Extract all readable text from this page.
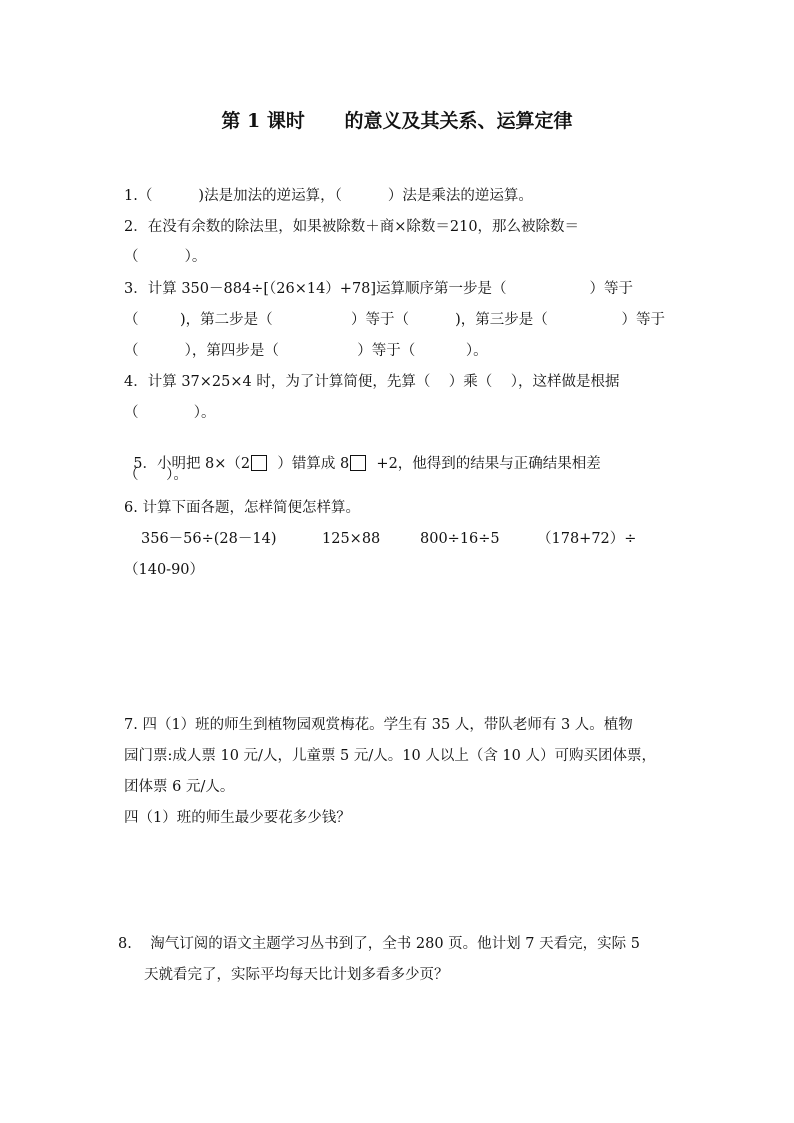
第 1 课时      的意义及其关系、运算定律
1.（          )法是加法的逆运算，（          ）法是乘法的逆运算。
2．在没有余数的除法里，如果被除数＋商×除数＝210，那么被除数＝
（          ）。
3．计算 350－884÷[（26×14）+78]运算顺序第一步是（                  ）等于
（         )，第二步是（                 ）等于（          )，第三步是（                ）等于
（          ），第四步是（                 ）等于（           ）。
4．计算 37×25×4 时，为了计算简便，先算（    ）乘（    ），这样做是根据
（            ）。

5．小明把 8×（2  ）错算成 8  +2，他得到的结果与正确结果相差

（      ）。
6. 计算下面各题，怎样简便怎样算。
356－56÷(28－14)	125×88	800÷16÷5	（178+72）÷
（140-90）
7. 四（1）班的师生到植物园观赏梅花。学生有 35 人，带队老师有 3 人。植物
园门票:成人票 10 元/人，儿童票 5 元/人。10 人以上（含 10 人）可购买团体票，
团体票 6 元/人。
四（1）班的师生最少要花多少钱？
8.    淘气订阅的语文主题学习丛书到了，全书 280 页。他计划 7 天看完，实际 5
天就看完了，实际平均每天比计划多看多少页？
